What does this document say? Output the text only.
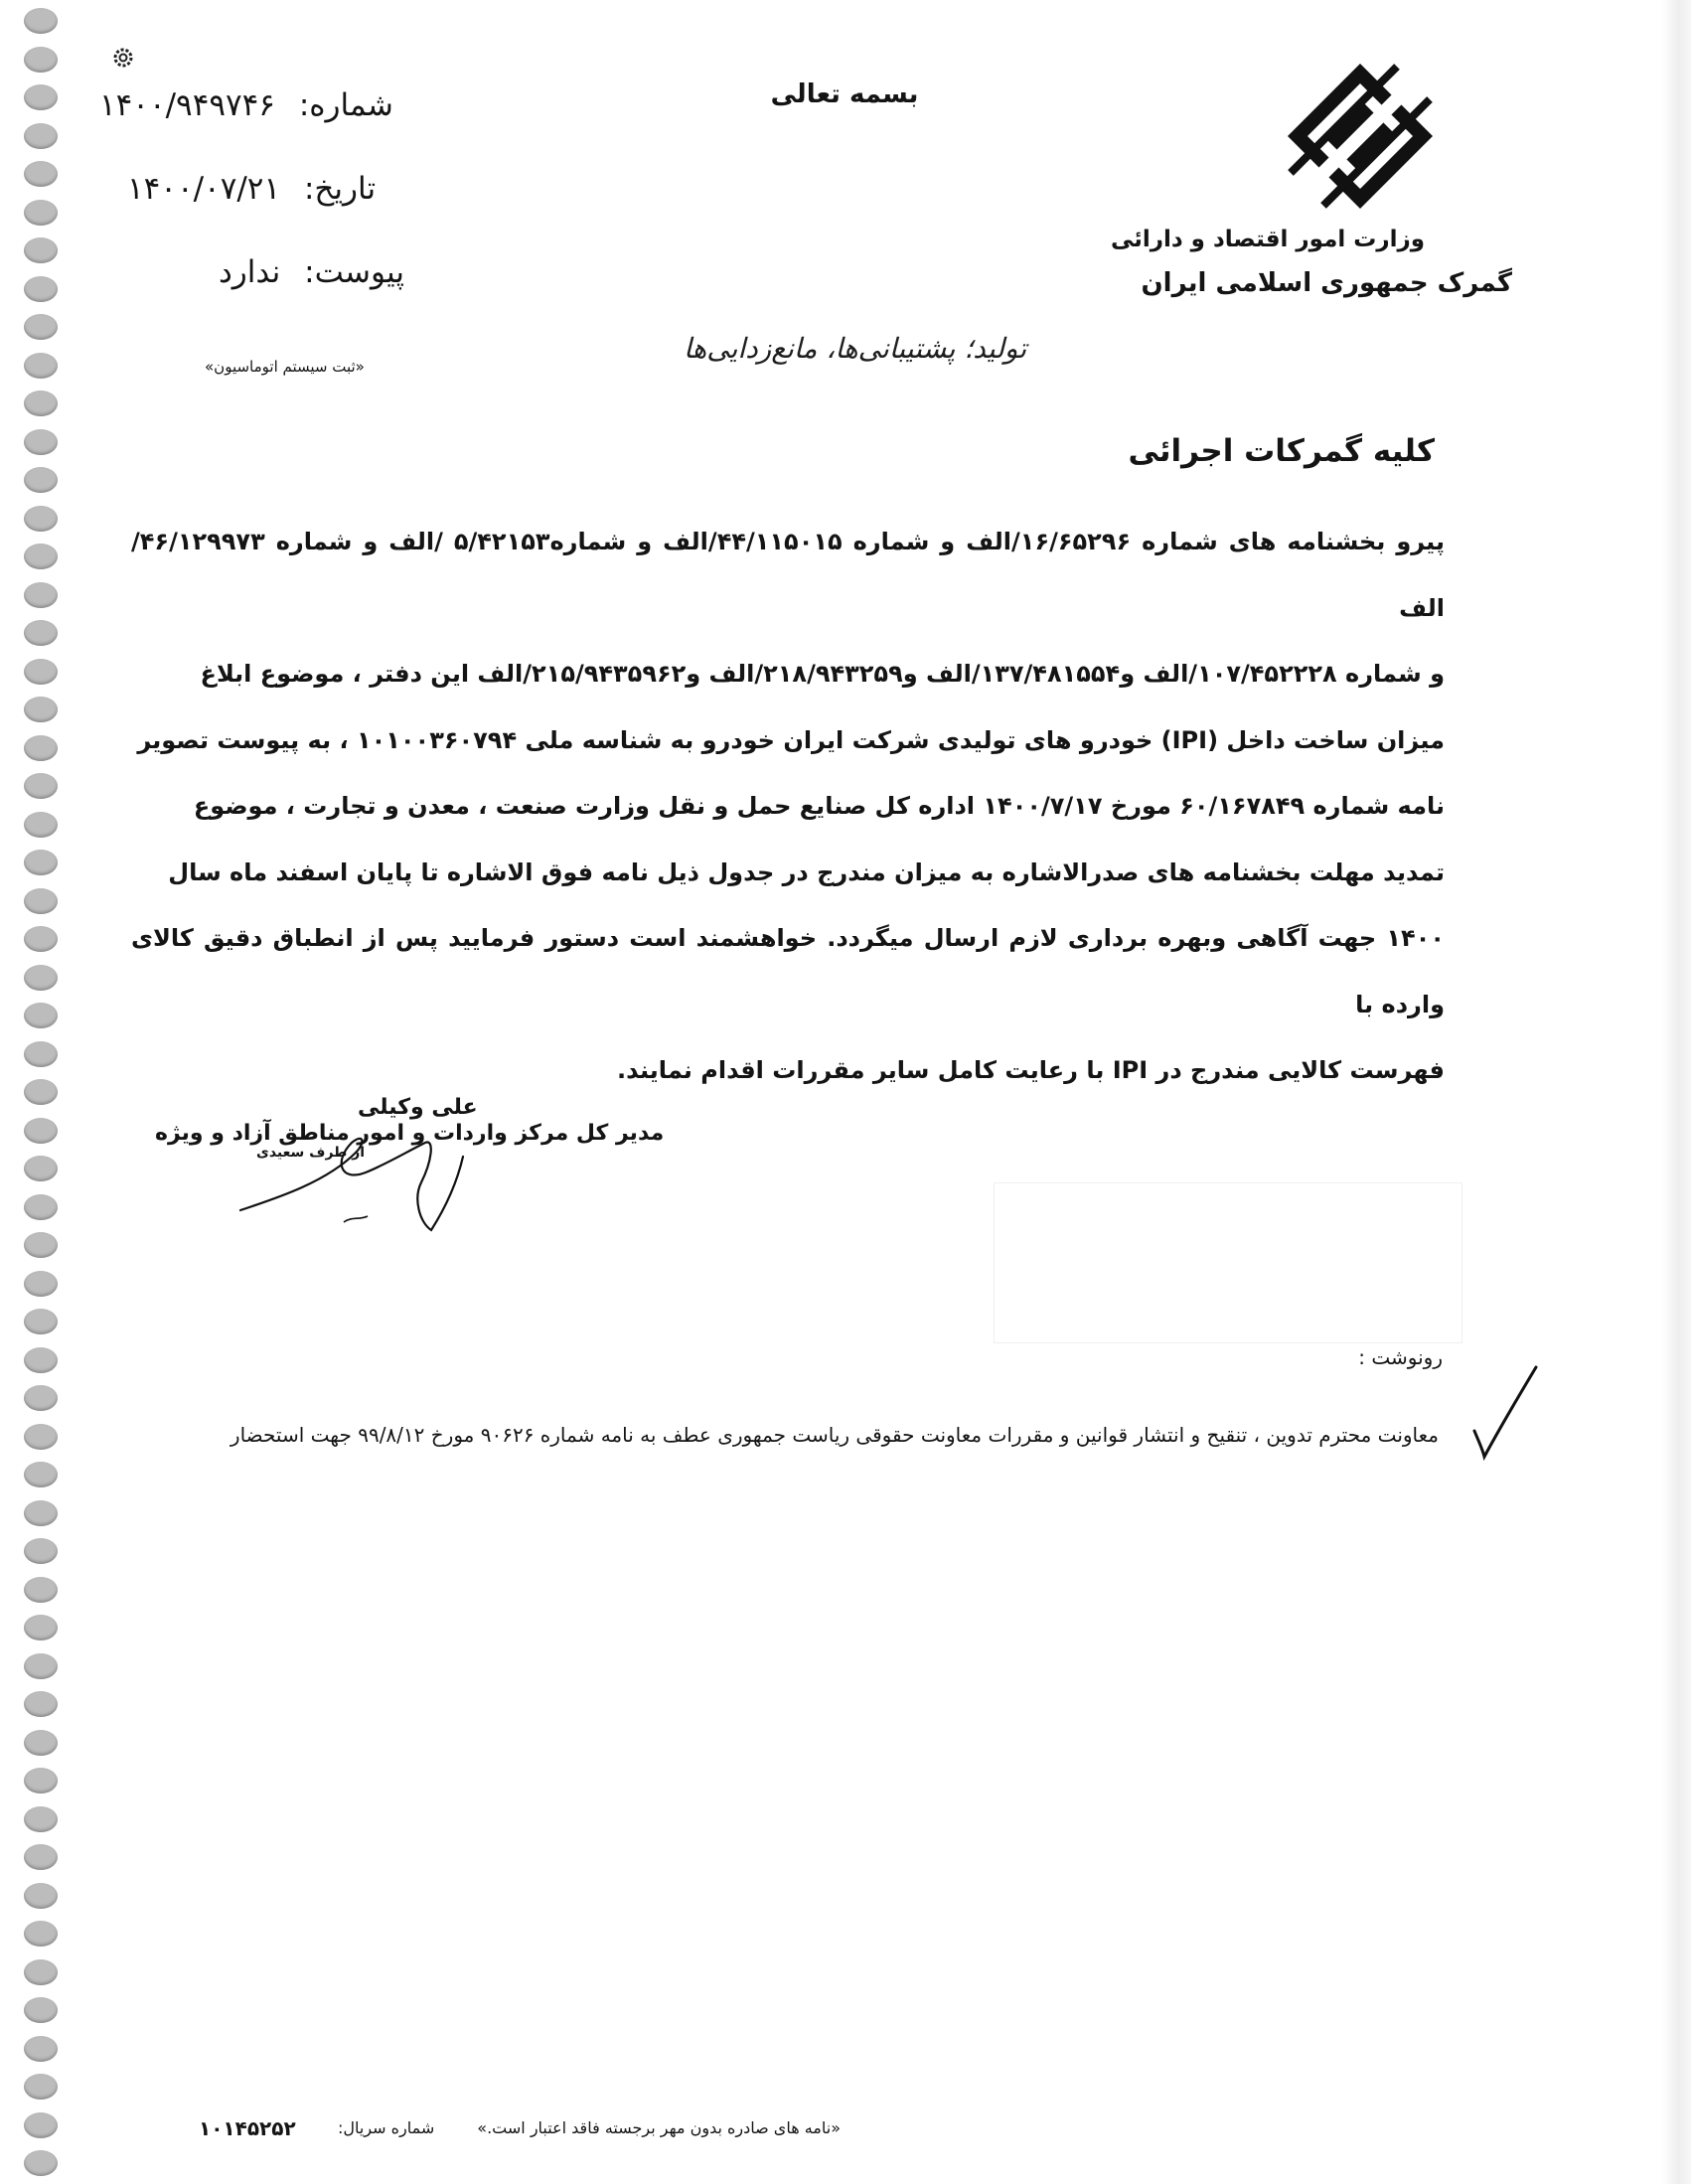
بسمه تعالی
وزارت امور اقتصاد و دارائی
گمرک جمهوری اسلامی ایران
شماره: ۱۴۰۰/۹۴۹۷۴۶
تاریخ: ۱۴۰۰/۰۷/۲۱
پیوست: ندارد
«ثبت سیستم اتوماسیون»
تولید؛ پشتیبانی‌ها، مانع‌زدایی‌ها
کلیه گمرکات اجرائی
پیرو بخشنامه های شماره ۱۶/۶۵۲۹۶/الف و شماره ۴۴/۱۱۵۰۱۵/الف و شماره۵/۴۲۱۵۳ /الف و شماره ۴۶/۱۲۹۹۷۳/الف
و شماره ۱۰۷/۴۵۲۲۲۸/الف و۱۳۷/۴۸۱۵۵۴/الف و۲۱۸/۹۴۳۲۵۹/الف و۲۱۵/۹۴۳۵۹۶۲/الف این دفتر ، موضوع ابلاغ
میزان ساخت داخل (IPI) خودرو های تولیدی شرکت ایران خودرو به شناسه ملی ۱۰۱۰۰۳۶۰۷۹۴ ، به پیوست تصویر
نامه شماره ۶۰/۱۶۷۸۴۹ مورخ ۱۴۰۰/۷/۱۷ اداره کل صنایع حمل و نقل وزارت صنعت ، معدن و تجارت ، موضوع
تمدید مهلت بخشنامه های صدرالاشاره به میزان مندرج در جدول ذیل نامه فوق الاشاره تا پایان اسفند ماه سال
۱۴۰۰ جهت آگاهی وبهره برداری لازم ارسال میگردد. خواهشمند است دستور فرمایید پس از انطباق دقیق کالای وارده با
فهرست کالایی مندرج در IPI با رعایت کامل سایر مقررات اقدام نمایند.
علی وکیلی
مدیر کل مرکز واردات و امور مناطق آزاد و ویژه
از طرف سعیدی
رونوشت :
معاونت محترم تدوین ، تنقیح و انتشار قوانین و مقررات معاونت حقوقی ریاست جمهوری عطف به نامه شماره ۹۰۶۲۶ مورخ ۹۹/۸/۱۲ جهت استحضار
«نامه های صادره بدون مهر برجسته فاقد اعتبار است.»
شماره سریال:
۱۰۱۴۵۲۵۲
